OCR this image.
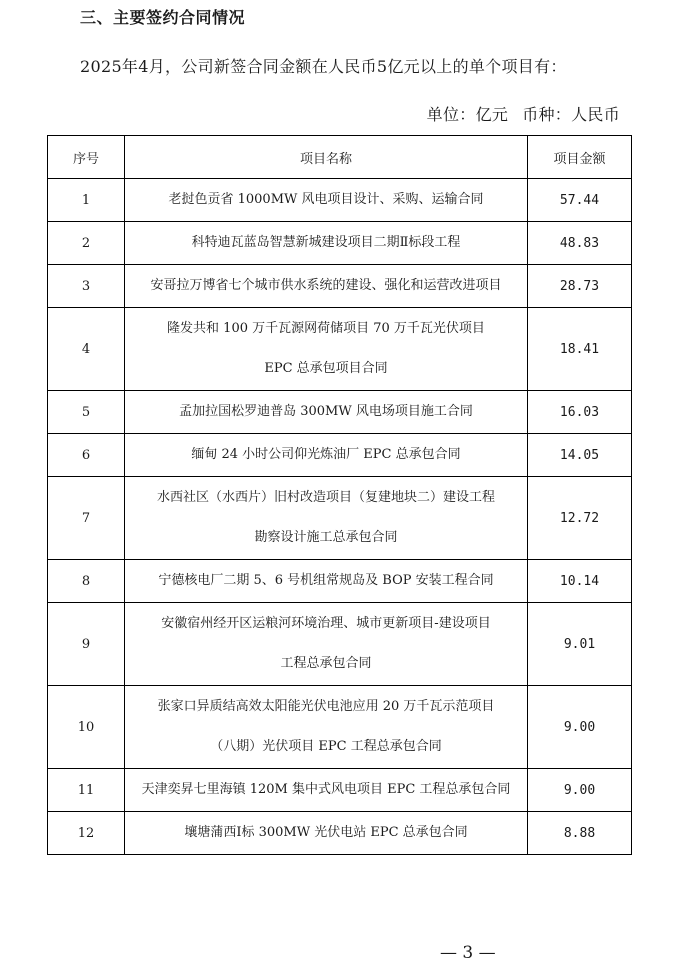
三、主要签约合同情况
2025年4月，公司新签合同金额在人民币5亿元以上的单个项目有：
单位：亿元 币种：人民币
序号	项目名称	项目金额
1	老挝色贡省 1000MW 风电项目设计、采购、运输合同	57.44
2	科特迪瓦蓝岛智慧新城建设项目二期Ⅱ标段工程	48.83
3	安哥拉万博省七个城市供水系统的建设、强化和运营改进项目	28.73
4	隆发共和 100 万千瓦源网荷储项目 70 万千瓦光伏项目
EPC 总承包项目合同	18.41
5	孟加拉国松罗迪普岛 300MW 风电场项目施工合同	16.03
6	缅甸 24 小时公司仰光炼油厂 EPC 总承包合同	14.05
7	水西社区（水西片）旧村改造项目（复建地块二）建设工程
勘察设计施工总承包合同	12.72
8	宁德核电厂二期 5、6 号机组常规岛及 BOP 安装工程合同	10.14
9	安徽宿州经开区运粮河环境治理、城市更新项目-建设项目
工程总承包合同	9.01
10	张家口异质结高效太阳能光伏电池应用 20 万千瓦示范项目
（八期）光伏项目 EPC 工程总承包合同	9.00
11	天津奕昇七里海镇 120M 集中式风电项目 EPC 工程总承包合同	9.00
12	壤塘蒲西Ⅰ标 300MW 光伏电站 EPC 总承包合同	8.88
— 3 —
